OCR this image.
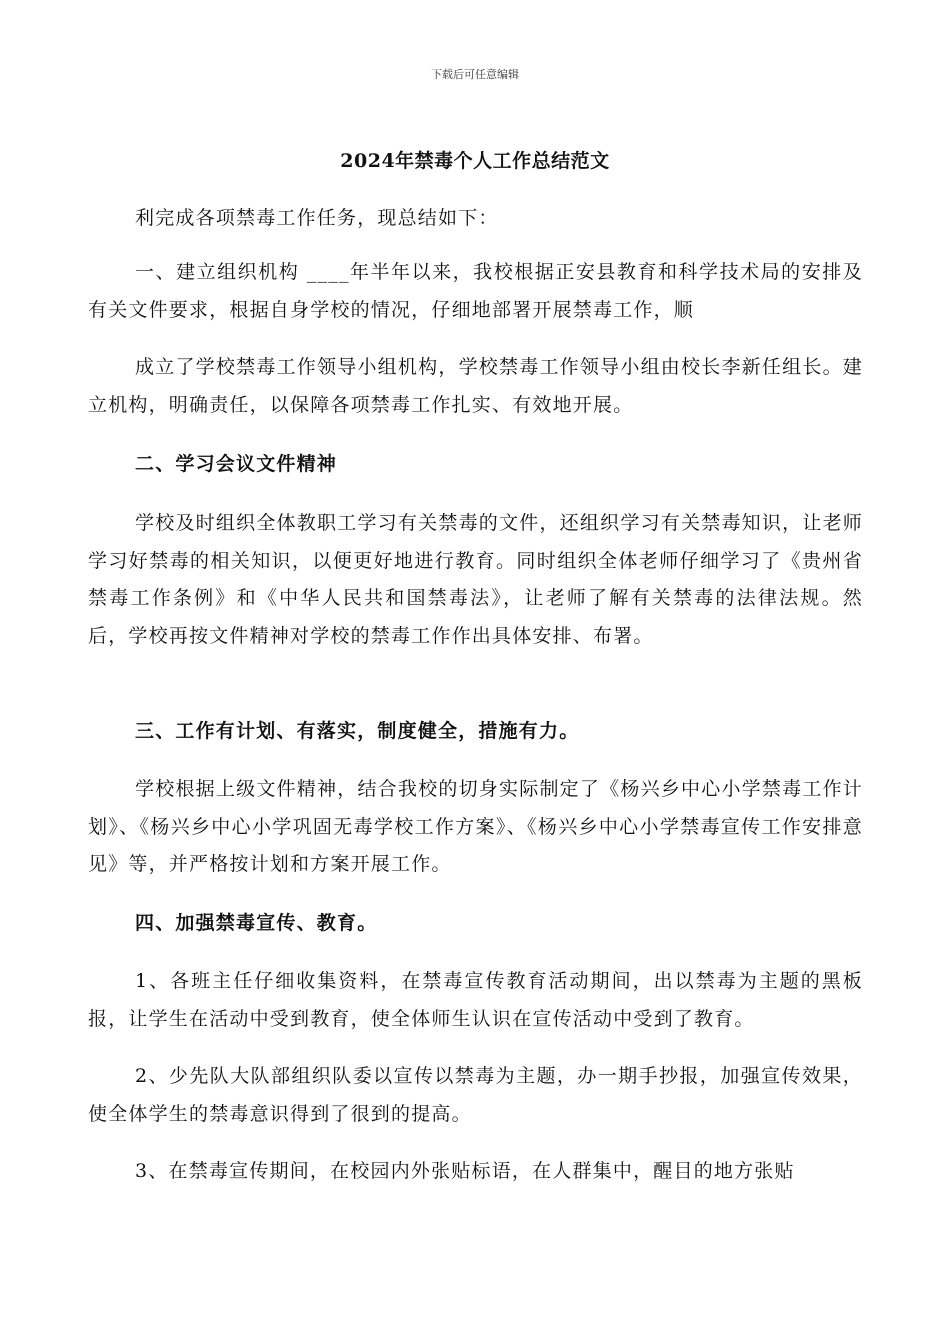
下载后可任意编辑
2024年禁毒个人工作总结范文
利完成各项禁毒工作任务，现总结如下：
一、建立组织机构 ____年半年以来，我校根据正安县教育和科学技术局的安排及有关文件要求，根据自身学校的情况，仔细地部署开展禁毒工作，顺
成立了学校禁毒工作领导小组机构，学校禁毒工作领导小组由校长李新任组长。建立机构，明确责任，以保障各项禁毒工作扎实、有效地开展。
二、学习会议文件精神
学校及时组织全体教职工学习有关禁毒的文件，还组织学习有关禁毒知识，让老师学习好禁毒的相关知识，以便更好地进行教育。同时组织全体老师仔细学习了《贵州省禁毒工作条例》和《中华人民共和国禁毒法》，让老师了解有关禁毒的法律法规。然后，学校再按文件精神对学校的禁毒工作作出具体安排、布署。
三、工作有计划、有落实，制度健全，措施有力。
学校根据上级文件精神，结合我校的切身实际制定了《杨兴乡中心小学禁毒工作计划》、《杨兴乡中心小学巩固无毒学校工作方案》、《杨兴乡中心小学禁毒宣传工作安排意见》等，并严格按计划和方案开展工作。
四、加强禁毒宣传、教育。
1、各班主任仔细收集资料，在禁毒宣传教育活动期间，出以禁毒为主题的黑板报，让学生在活动中受到教育，使全体师生认识在宣传活动中受到了教育。
2、少先队大队部组织队委以宣传以禁毒为主题，办一期手抄报，加强宣传效果，使全体学生的禁毒意识得到了很到的提高。
3、在禁毒宣传期间，在校园内外张贴标语，在人群集中，醒目的地方张贴
